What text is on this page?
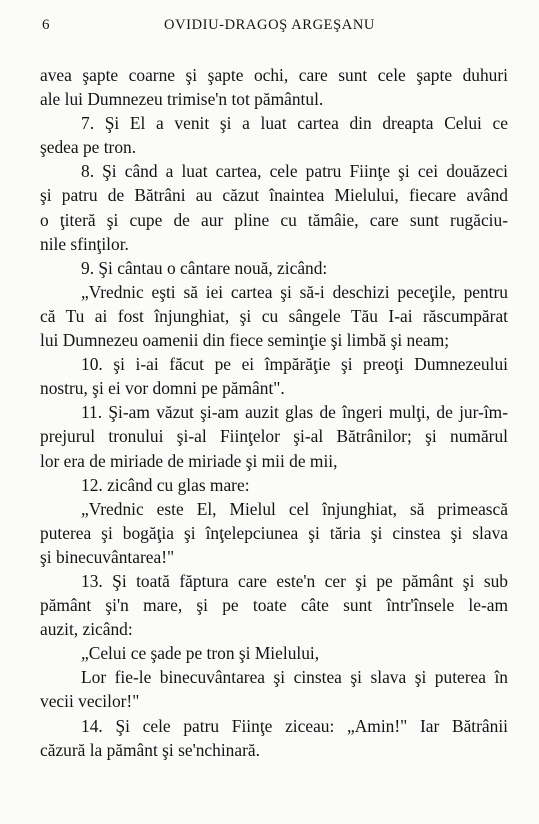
6	OVIDIU-DRAGOŞ ARGEŞANU
avea şapte coarne şi şapte ochi, care sunt cele şapte duhuri
ale lui Dumnezeu trimise'n tot pământul.
7. Şi El a venit şi a luat cartea din dreapta Celui ce
şedea pe tron.
8. Şi când a luat cartea, cele patru Fiinţe şi cei douăzeci
şi patru de Bătrâni au căzut înaintea Mielului, fiecare având
o ţiteră şi cupe de aur pline cu tămâie, care sunt rugăciu-
nile sfinţilor.
9. Şi cântau o cântare nouă, zicând:
„Vrednic eşti să iei cartea şi să-i deschizi peceţile, pentru
că Tu ai fost înjunghiat, şi cu sângele Tău I-ai răscumpărat
lui Dumnezeu oamenii din fiece seminţie şi limbă şi neam;
10. şi i-ai făcut pe ei împărăţie şi preoţi Dumnezeului
nostru, şi ei vor domni pe pământ".
11. Şi-am văzut şi-am auzit glas de îngeri mulţi, de jur-îm-
prejurul tronului şi-al Fiinţelor şi-al Bătrânilor; şi numărul
lor era de miriade de miriade şi mii de mii,
12. zicând cu glas mare:
„Vrednic este El, Mielul cel înjunghiat, să primească
puterea şi bogăţia şi înţelepciunea şi tăria şi cinstea şi slava
şi binecuvântarea!"
13. Şi toată făptura care este'n cer şi pe pământ şi sub
pământ şi'n mare, şi pe toate câte sunt într'însele le-am
auzit, zicând:
„Celui ce şade pe tron şi Mielului,
Lor fie-le binecuvântarea şi cinstea şi slava şi puterea în
vecii vecilor!"
14. Şi cele patru Fiinţe ziceau: „Amin!" Iar Bătrânii
căzură la pământ şi se'nchinară.
